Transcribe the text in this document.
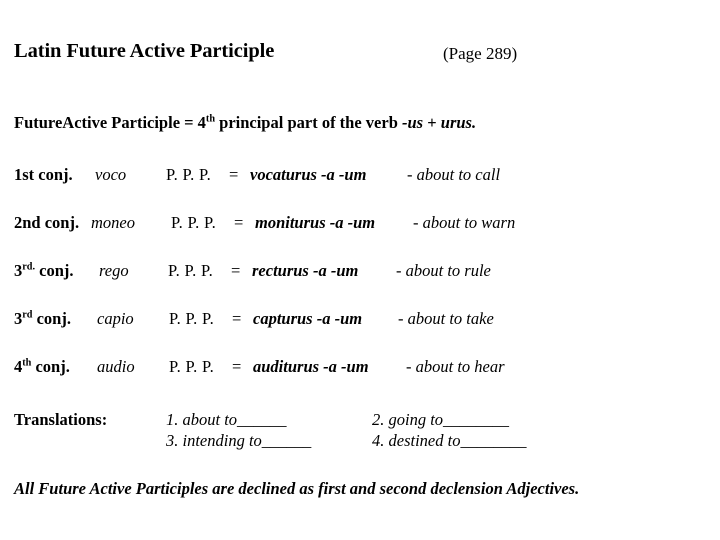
Latin Future Active Participle	(Page 289)
FutureActive Participle = 4th principal part of the verb -us + urus.
1st conj. voco P. P. P. = vocaturus -a -um - about to call
2nd conj. moneo P. P. P. = moniturus -a -um - about to warn
$3^{rd.}$ conj. rego P. P. P. = recturus -a -um - about to rule
3rd conj. capio P. P. P. = capturus -a -um - about to take
4th conj. audio P. P. P. = auditurus -a -um - about to hear
Translations:	1. about to______	2. going to________
3. intending to______	4. destined to________
All Future Active Participles are declined as first and second declension Adjectives.
